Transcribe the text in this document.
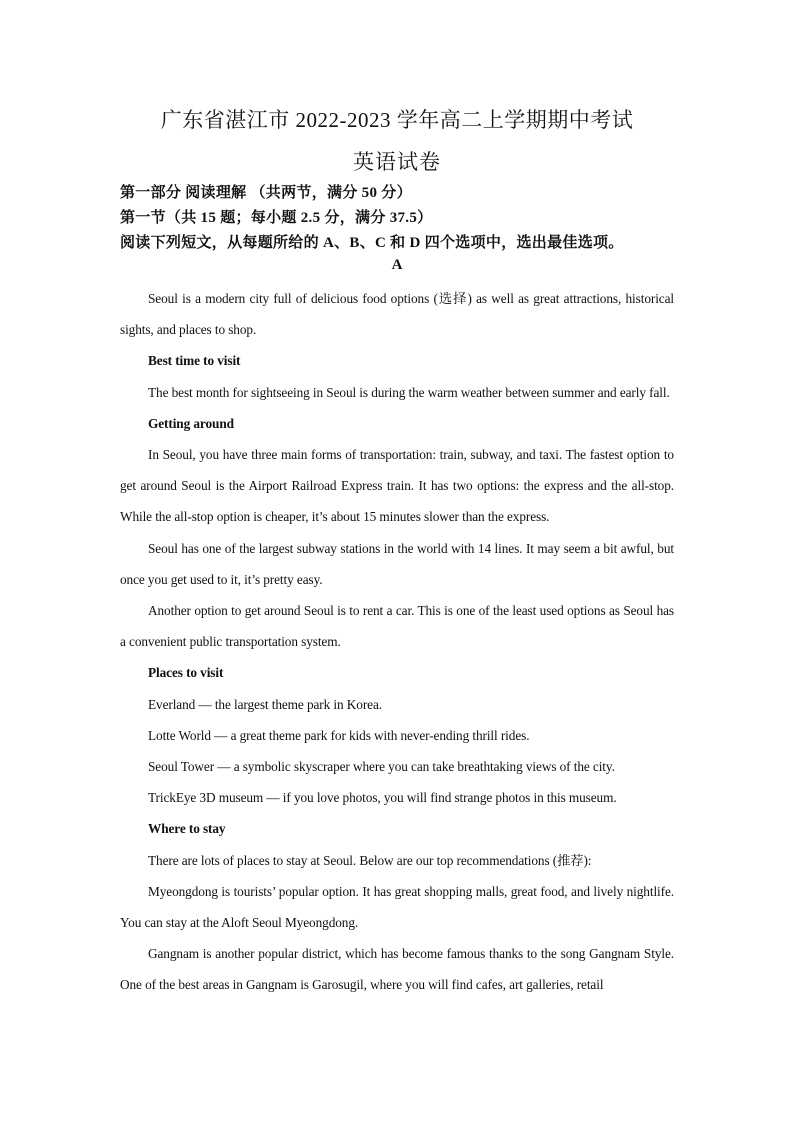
广东省湛江市 2022-2023 学年高二上学期期中考试
英语试卷
第一部分 阅读理解 （共两节，满分 50 分）
第一节（共 15 题；每小题 2.5 分，满分 37.5）
阅读下列短文，从每题所给的 A、B、C 和 D 四个选项中，选出最佳选项。
A

Seoul is a modern city full of delicious food options (选择) as well as great attractions, historical sights, and places to shop.

Best time to visit

The best month for sightseeing in Seoul is during the warm weather between summer and early fall.

Getting around

In Seoul, you have three main forms of transportation: train, subway, and taxi. The fastest option to get around Seoul is the Airport Railroad Express train. It has two options: the express and the all-stop. While the all-stop option is cheaper, it’s about 15 minutes slower than the express.

Seoul has one of the largest subway stations in the world with 14 lines. It may seem a bit awful, but once you get used to it, it’s pretty easy.

Another option to get around Seoul is to rent a car. This is one of the least used options as Seoul has a convenient public transportation system.

Places to visit

Everland — the largest theme park in Korea.

Lotte World — a great theme park for kids with never-ending thrill rides.

Seoul Tower — a symbolic skyscraper where you can take breathtaking views of the city.

TrickEye 3D museum — if you love photos, you will find strange photos in this museum.

Where to stay

There are lots of places to stay at Seoul. Below are our top recommendations (推荐):

Myeongdong is tourists’ popular option. It has great shopping malls, great food, and lively nightlife. You can stay at the Aloft Seoul Myeongdong.

Gangnam is another popular district, which has become famous thanks to the song Gangnam Style. One of the best areas in Gangnam is Garosugil, where you will find cafes, art galleries, retail
